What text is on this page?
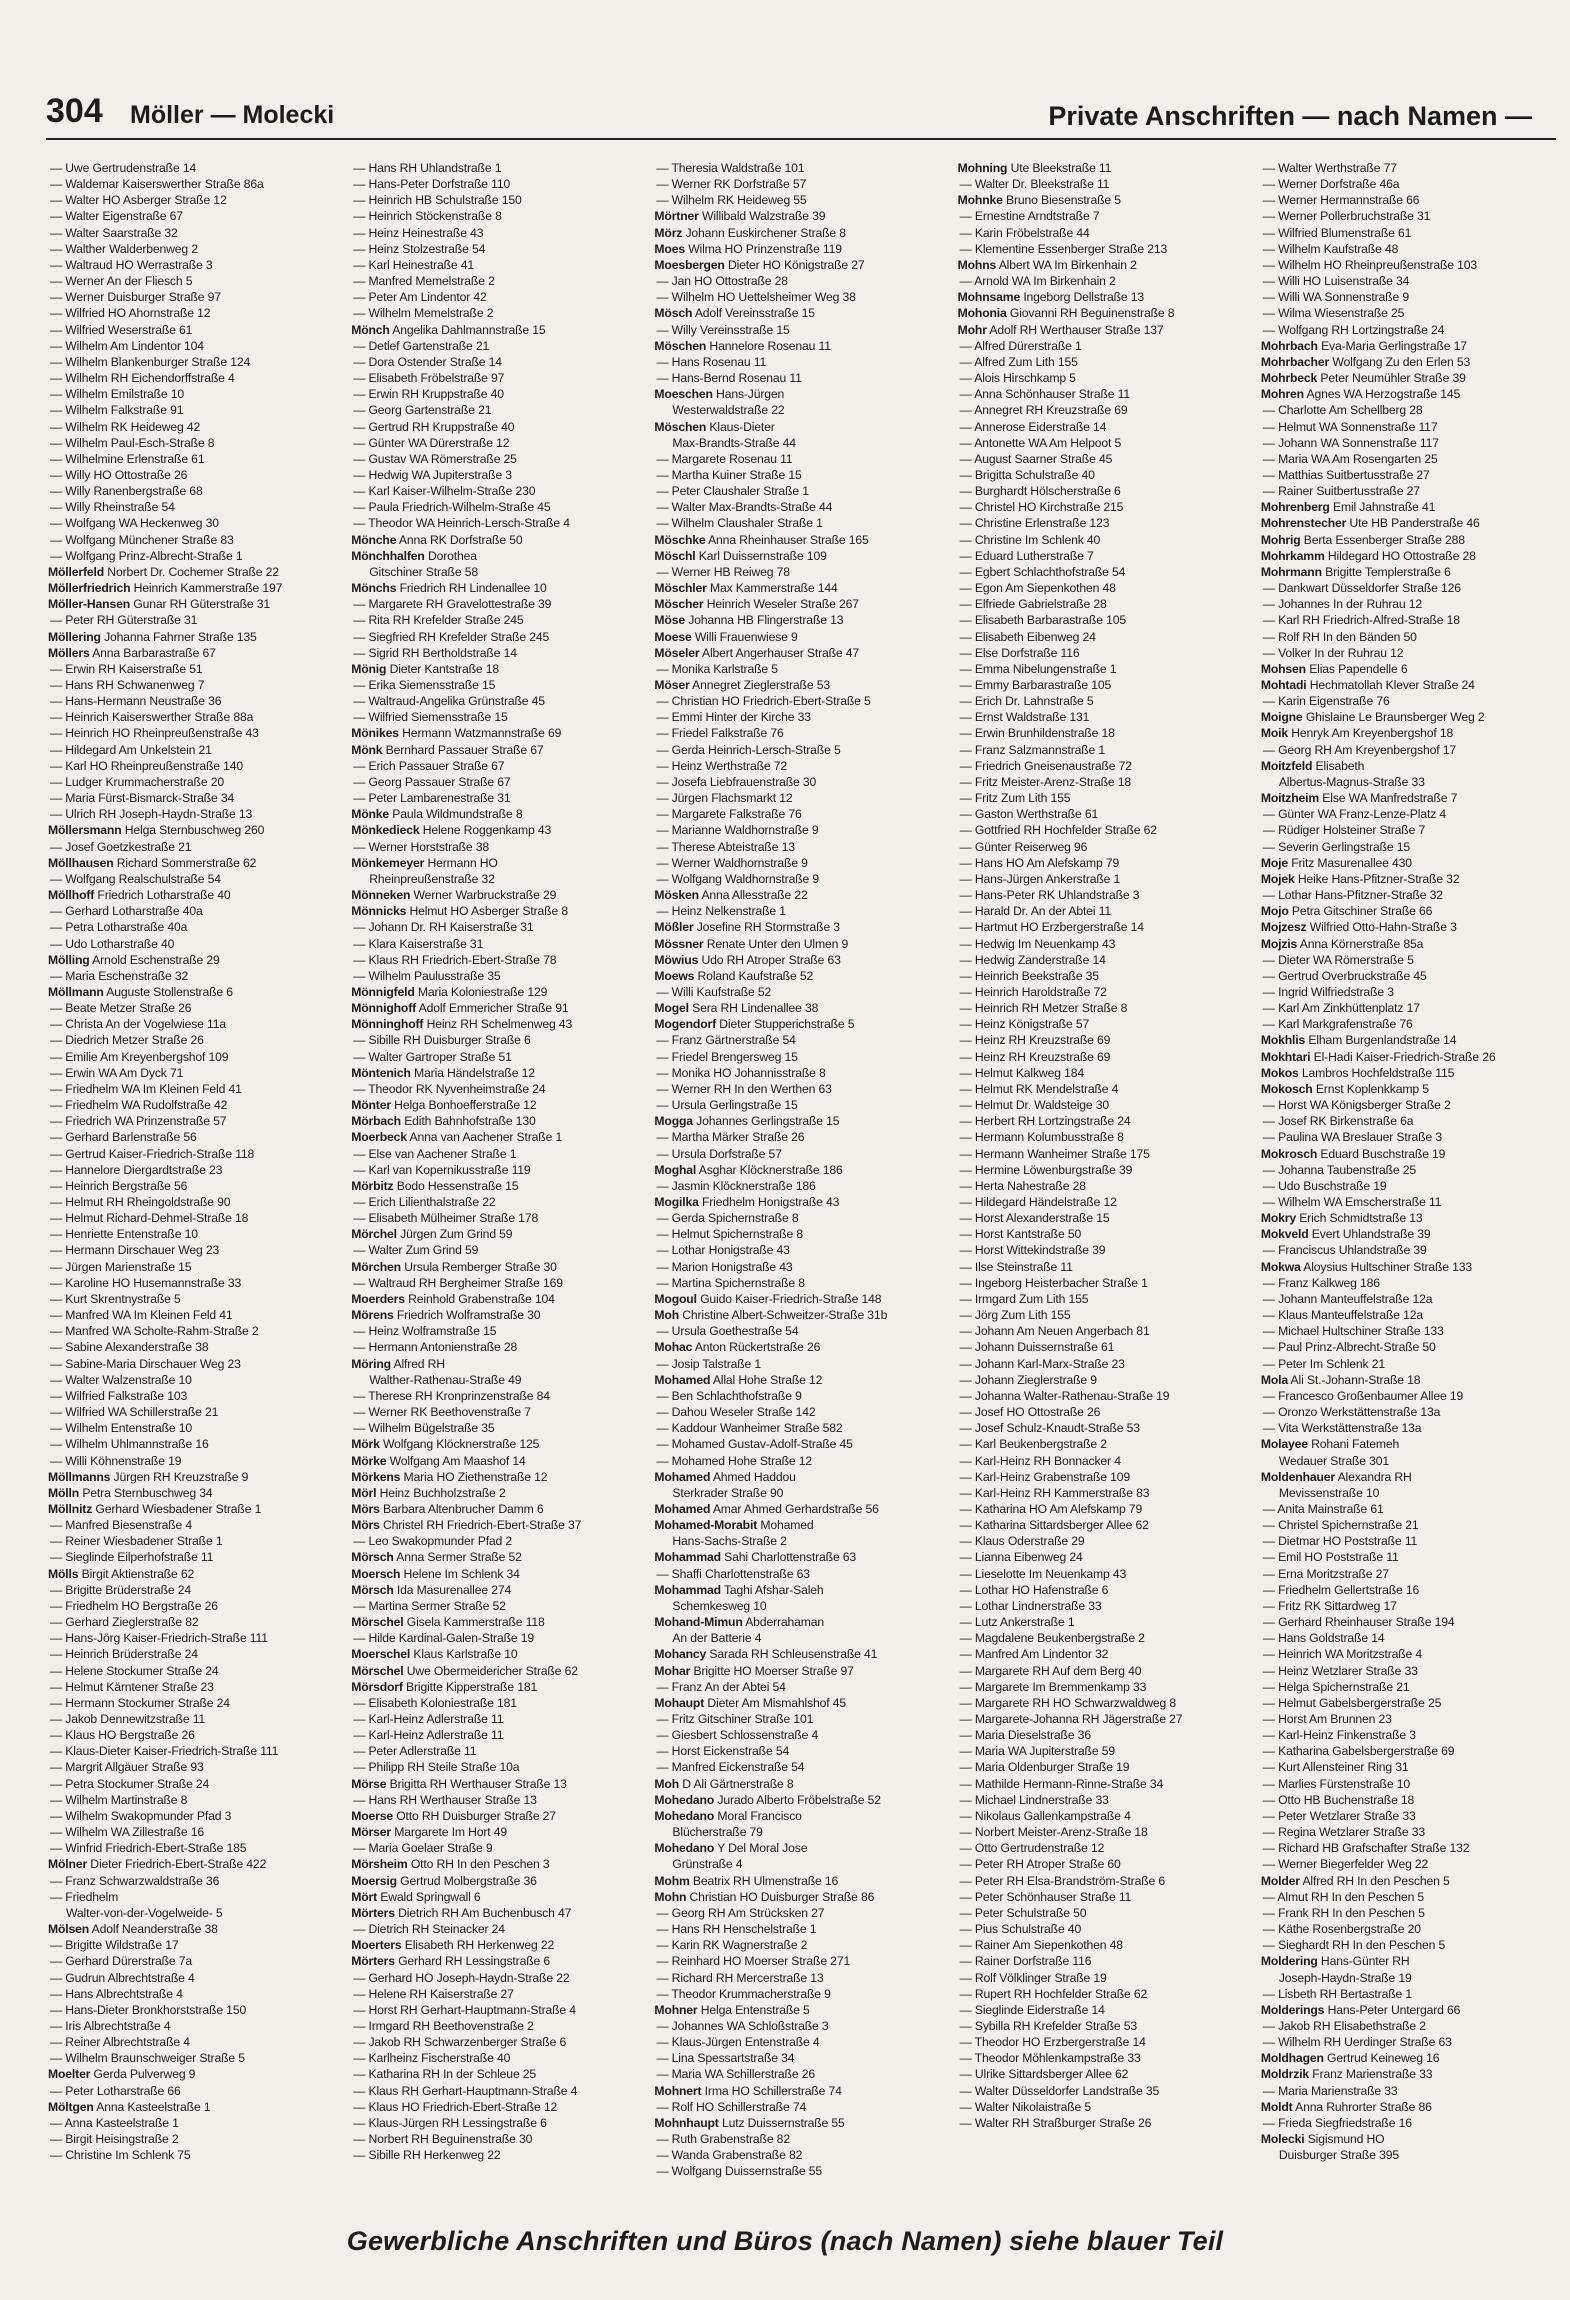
304 Möller — Molecki	Private Anschriften — nach Namen —
— Uwe Gertrudenstraße 14
— Waldemar Kaiserswerther Straße 86a
— Walter HO Asberger Straße 12
— Walter Eigenstraße 67
— Walter Saarstraße 32
— Walther Walderbenweg 2
— Waltraud HO Werrastraße 3
— Werner An der Fliesch 5
— Werner Duisburger Straße 97
— Wilfried HO Ahornstraße 12
— Wilfried Weserstraße 61
— Wilhelm Am Lindentor 104
— Wilhelm Blankenburger Straße 124
— Wilhelm RH Eichendorffstraße 4
— Wilhelm Emilstraße 10
— Wilhelm Falkstraße 91
— Wilhelm RK Heideweg 42
— Wilhelm Paul-Esch-Straße 8
— Wilhelmine Erlenstraße 61
— Willy HO Ottostraße 26
— Willy Ranenbergstraße 68
— Willy Rheinstraße 54
— Wolfgang WA Heckenweg 30
— Wolfgang Münchener Straße 83
— Wolfgang Prinz-Albrecht-Straße 1
Möllerfeld Norbert Dr. Cochemer Straße 22
Möllerfriedrich Heinrich Kammerstraße 197
Möller-Hansen Gunar RH Güterstraße 31
— Peter RH Güterstraße 31
Möllering Johanna Fahrner Straße 135
Möllers Anna Barbarastraße 67
— Erwin RH Kaiserstraße 51
— Hans RH Schwanenweg 7
— Hans-Hermann Neustraße 36
— Heinrich Kaiserswerther Straße 88a
— Heinrich HO Rheinpreußenstraße 43
— Hildegard Am Unkelstein 21
— Karl HO Rheinpreußenstraße 140
— Ludger Krummacherstraße 20
— Maria Fürst-Bismarck-Straße 34
— Ulrich RH Joseph-Haydn-Straße 13
Möllersmann Helga Sternbuschweg 260
— Josef Goetzkestraße 21
Möllhausen Richard Sommerstraße 62
— Wolfgang Realschulstraße 54
Möllhoff Friedrich Lotharstraße 40
— Gerhard Lotharstraße 40a
— Petra Lotharstraße 40a
— Udo Lotharstraße 40
Mölling Arnold Eschenstraße 29
— Maria Eschenstraße 32
Möllmann Auguste Stollenstraße 6
— Beate Metzer Straße 26
— Christa An der Vogelwiese 11a
— Diedrich Metzer Straße 26
— Emilie Am Kreyenbergshof 109
— Erwin WA Am Dyck 71
— Friedhelm WA Im Kleinen Feld 41
— Friedhelm WA Rudolfstraße 42
— Friedrich WA Prinzenstraße 57
— Gerhard Barlenstraße 56
— Gertrud Kaiser-Friedrich-Straße 118
— Hannelore Diergardtstraße 23
— Heinrich Bergstraße 56
— Helmut RH Rheingoldstraße 90
— Helmut Richard-Dehmel-Straße 18
— Henriette Entenstraße 10
— Hermann Dirschauer Weg 23
— Jürgen Marienstraße 15
— Karoline HO Husemannstraße 33
— Kurt Skrentnystraße 5
— Manfred WA Im Kleinen Feld 41
— Manfred WA Scholte-Rahm-Straße 2
— Sabine Alexanderstraße 38
— Sabine-Maria Dirschauer Weg 23
— Walter Walzenstraße 10
— Wilfried Falkstraße 103
— Wilfried WA Schillerstraße 21
— Wilhelm Entenstraße 10
— Wilhelm Uhlmannstraße 16
— Willi Köhnenstraße 19
Möllmanns Jürgen RH Kreuzstraße 9
Mölln Petra Sternbuschweg 34
Möllnitz Gerhard Wiesbadener Straße 1
— Manfred Biesenstraße 4
— Reiner Wiesbadener Straße 1
— Sieglinde Eilperhofstraße 11
Mölls Birgit Aktienstraße 62
— Brigitte Brüderstraße 24
— Friedhelm HO Bergstraße 26
— Gerhard Zieglerstraße 82
— Hans-Jörg Kaiser-Friedrich-Straße 111
— Heinrich Brüderstraße 24
— Helene Stockumer Straße 24
— Helmut Kärntener Straße 23
— Hermann Stockumer Straße 24
— Jakob Dennewitzstraße 11
— Klaus HO Bergstraße 26
— Klaus-Dieter Kaiser-Friedrich-Straße 111
— Margrit Allgäuer Straße 93
— Petra Stockumer Straße 24
— Wilhelm Martinstraße 8
— Wilhelm Swakopmunder Pfad 3
— Wilhelm WA Zillestraße 16
— Winfrid Friedrich-Ebert-Straße 185
Mölner Dieter Friedrich-Ebert-Straße 422
— Franz Schwarzwaldstraße 36
— Friedhelm
Walter-von-der-Vogelweide- 5
Mölsen Adolf Neanderstraße 38
— Brigitte Wildstraße 17
— Gerhard Dürerstraße 7a
— Gudrun Albrechtstraße 4
— Hans Albrechtstraße 4
— Hans-Dieter Bronkhorststraße 150
— Iris Albrechtstraße 4
— Reiner Albrechtstraße 4
— Wilhelm Braunschweiger Straße 5
Moelter Gerda Pulverweg 9
— Peter Lotharstraße 66
Möltgen Anna Kasteelstraße 1
— Anna Kasteelstraße 1
— Birgit Heisingstraße 2
— Christine Im Schlenk 75
— Hans RH Uhlandstraße 1
— Hans-Peter Dorfstraße 110
— Heinrich HB Schulstraße 150
— Heinrich Stöckenstraße 8
— Heinz Heinestraße 43
— Heinz Stolzestraße 54
— Karl Heinestraße 41
— Manfred Memelstraße 2
— Peter Am Lindentor 42
— Wilhelm Memelstraße 2
Mönch Angelika Dahlmannstraße 15
— Detlef Gartenstraße 21
— Dora Ostender Straße 14
— Elisabeth Fröbelstraße 97
— Erwin RH Kruppstraße 40
— Georg Gartenstraße 21
— Gertrud RH Kruppstraße 40
— Günter WA Dürerstraße 12
— Gustav WA Römerstraße 25
— Hedwig WA Jupiterstraße 3
— Karl Kaiser-Wilhelm-Straße 230
— Paula Friedrich-Wilhelm-Straße 45
— Theodor WA Heinrich-Lersch-Straße 4
Mönche Anna RK Dorfstraße 50
Mönchhalfen Dorothea
Gitschiner Straße 58
Mönchs Friedrich RH Lindenallee 10
— Margarete RH Gravelottestraße 39
— Rita RH Krefelder Straße 245
— Siegfried RH Krefelder Straße 245
— Sigrid RH Bertholdstraße 14
Mönig Dieter Kantstraße 18
— Erika Siemensstraße 15
— Waltraud-Angelika Grünstraße 45
— Wilfried Siemensstraße 15
Mönikes Hermann Watzmannstraße 69
Mönk Bernhard Passauer Straße 67
— Erich Passauer Straße 67
— Georg Passauer Straße 67
— Peter Lambarenestraße 31
Mönke Paula Wildmundstraße 8
Mönkedieck Helene Roggenkamp 43
— Werner Horststraße 38
Mönkemeyer Hermann HO
Rheinpreußenstraße 32
Mönneken Werner Warbruckstraße 29
Mönnicks Helmut HO Asberger Straße 8
— Johann Dr. RH Kaiserstraße 31
— Klara Kaiserstraße 31
— Klaus RH Friedrich-Ebert-Straße 78
— Wilhelm Paulusstraße 35
Mönnigfeld Maria Koloniestraße 129
Mönnighoff Adolf Emmericher Straße 91
Mönninghoff Heinz RH Schelmenweg 43
— Sibille RH Duisburger Straße 6
— Walter Gartroper Straße 51
Möntenich Maria Händelstraße 12
— Theodor RK Nyvenheimstraße 24
Mönter Helga Bonhoefferstraße 12
Mörbach Edith Bahnhofstraße 130
Moerbeck Anna van Aachener Straße 1
— Else van Aachener Straße 1
— Karl van Kopernikusstraße 119
Mörbitz Bodo Hessenstraße 15
— Erich Lilienthalstraße 22
— Elisabeth Mülheimer Straße 178
Mörchel Jürgen Zum Grind 59
— Walter Zum Grind 59
Mörchen Ursula Remberger Straße 30
— Waltraud RH Bergheimer Straße 169
Moerders Reinhold Grabenstraße 104
Mörens Friedrich Wolframstraße 30
— Heinz Wolframstraße 15
— Hermann Antonienstraße 28
Möring Alfred RH
Walther-Rathenau-Straße 49
— Therese RH Kronprinzenstraße 84
— Werner RK Beethovenstraße 7
— Wilhelm Bügelstraße 35
Mörk Wolfgang Klöcknerstraße 125
Mörke Wolfgang Am Maashof 14
Mörkens Maria HO Ziethenstraße 12
Mörl Heinz Buchholzstraße 2
Mörs Barbara Altenbrucher Damm 6
Mörs Christel RH Friedrich-Ebert-Straße 37
— Leo Swakopmunder Pfad 2
Mörsch Anna Sermer Straße 52
Moersch Helene Im Schlenk 34
Mörsch Ida Masurenallee 274
— Martina Sermer Straße 52
Mörschel Gisela Kammerstraße 118
— Hilde Kardinal-Galen-Straße 19
Moerschel Klaus Karlstraße 10
Mörschel Uwe Obermeidericher Straße 62
Mörsdorf Brigitte Kipperstraße 181
— Elisabeth Koloniestraße 181
— Karl-Heinz Adlerstraße 11
— Karl-Heinz Adlerstraße 11
— Peter Adlerstraße 11
— Philipp RH Steile Straße 10a
Mörse Brigitta RH Werthauser Straße 13
— Hans RH Werthauser Straße 13
Moerse Otto RH Duisburger Straße 27
Mörser Margarete Im Hort 49
— Maria Goelaer Straße 9
Mörsheim Otto RH In den Peschen 3
Moersig Gertrud Molbergstraße 36
Mört Ewald Springwall 6
Mörters Dietrich RH Am Buchenbusch 47
— Dietrich RH Steinacker 24
Moerters Elisabeth RH Herkenweg 22
Mörters Gerhard RH Lessingstraße 6
— Gerhard HO Joseph-Haydn-Straße 22
— Helene RH Kaiserstraße 27
— Horst RH Gerhart-Hauptmann-Straße 4
— Irmgard RH Beethovenstraße 2
— Jakob RH Schwarzenberger Straße 6
— Karlheinz Fischerstraße 40
— Katharina RH In der Schleue 25
— Klaus RH Gerhart-Hauptmann-Straße 4
— Klaus HO Friedrich-Ebert-Straße 12
— Klaus-Jürgen RH Lessingstraße 6
— Norbert RH Beguinenstraße 30
— Sibille RH Herkenweg 22
— Theresia Waldstraße 101
— Werner RK Dorfstraße 57
— Wilhelm RK Heideweg 55
Mörtner Willibald Walzstraße 39
Mörz Johann Euskirchener Straße 8
Moes Wilma HO Prinzenstraße 119
Moesbergen Dieter HO Königstraße 27
— Jan HO Ottostraße 28
— Wilhelm HO Uettelsheimer Weg 38
Mösch Adolf Vereinsstraße 15
— Willy Vereinsstraße 15
Möschen Hannelore Rosenau 11
— Hans Rosenau 11
— Hans-Bernd Rosenau 11
Moeschen Hans-Jürgen
Westerwaldstraße 22
Möschen Klaus-Dieter
Max-Brandts-Straße 44
— Margarete Rosenau 11
— Martha Kuiner Straße 15
— Peter Claushaler Straße 1
— Walter Max-Brandts-Straße 44
— Wilhelm Claushaler Straße 1
Möschke Anna Rheinhauser Straße 165
Möschl Karl Duissernstraße 109
— Werner HB Reiweg 78
Möschler Max Kammerstraße 144
Möscher Heinrich Weseler Straße 267
Möse Johanna HB Flingerstraße 13
Moese Willi Frauenwiese 9
Möseler Albert Angerhauser Straße 47
— Monika Karlstraße 5
Möser Annegret Zieglerstraße 53
— Christian HO Friedrich-Ebert-Straße 5
— Emmi Hinter der Kirche 33
— Friedel Falkstraße 76
— Gerda Heinrich-Lersch-Straße 5
— Heinz Werthstraße 72
— Josefa Liebfrauenstraße 30
— Jürgen Flachsmarkt 12
— Margarete Falkstraße 76
— Marianne Waldhornstraße 9
— Therese Abteistraße 13
— Werner Waldhornstraße 9
— Wolfgang Waldhornstraße 9
Mösken Anna Allesstraße 22
— Heinz Nelkenstraße 1
Mößler Josefine RH Stormstraße 3
Mössner Renate Unter den Ulmen 9
Möwius Udo RH Atroper Straße 63
Moews Roland Kaufstraße 52
— Willi Kaufstraße 52
Mogel Sera RH Lindenallee 38
Mogendorf Dieter Stupperichstraße 5
— Franz Gärtnerstraße 54
— Friedel Brengersweg 15
— Monika HO Johannisstraße 8
— Werner RH In den Werthen 63
— Ursula Gerlingstraße 15
Mogga Johannes Gerlingstraße 15
— Martha Märker Straße 26
— Ursula Dorfstraße 57
Moghal Asghar Klöcknerstraße 186
— Jasmin Klöcknerstraße 186
Mogilka Friedhelm Honigstraße 43
— Gerda Spichernstraße 8
— Helmut Spichernstraße 8
— Lothar Honigstraße 43
— Marion Honigstraße 43
— Martina Spichernstraße 8
Mogoul Guido Kaiser-Friedrich-Straße 148
Moh Christine Albert-Schweitzer-Straße 31b
— Ursula Goethestraße 54
Mohac Anton Rückertstraße 26
— Josip Talstraße 1
Mohamed Allal Hohe Straße 12
— Ben Schlachthofstraße 9
— Dahou Weseler Straße 142
— Kaddour Wanheimer Straße 582
— Mohamed Gustav-Adolf-Straße 45
— Mohamed Hohe Straße 12
Mohamed Ahmed Haddou
Sterkrader Straße 90
Mohamed Amar Ahmed Gerhardstraße 56
Mohamed-Morabit Mohamed
Hans-Sachs-Straße 2
Mohammad Sahi Charlottenstraße 63
— Shaffi Charlottenstraße 63
Mohammad Taghi Afshar-Saleh
Schemkesweg 10
Mohand-Mimun Abderrahaman
An der Batterie 4
Mohancy Sarada RH Schleusenstraße 41
Mohar Brigitte HO Moerser Straße 97
— Franz An der Abtei 54
Mohaupt Dieter Am Mismahlshof 45
— Fritz Gitschiner Straße 101
— Giesbert Schlossenstraße 4
— Horst Eickenstraße 54
— Manfred Eickenstraße 54
Moh D Ali Gärtnerstraße 8
Mohedano Jurado Alberto Fröbelstraße 52
Mohedano Moral Francisco
Blücherstraße 79
Mohedano Y Del Moral Jose
Grünstraße 4
Mohm Beatrix RH Ulmenstraße 16
Mohn Christian HO Duisburger Straße 86
— Georg RH Am Strücksken 27
— Hans RH Henschelstraße 1
— Karin RK Wagnerstraße 2
— Reinhard HO Moerser Straße 271
— Richard RH Mercerstraße 13
— Theodor Krummacherstraße 9
Mohner Helga Entenstraße 5
— Johannes WA Schloßstraße 3
— Klaus-Jürgen Entenstraße 4
— Lina Spessartstraße 34
— Maria WA Schillerstraße 26
Mohnert Irma HO Schillerstraße 74
— Rolf HO Schillerstraße 74
Mohnhaupt Lutz Duissernstraße 55
— Ruth Grabenstraße 82
— Wanda Grabenstraße 82
— Wolfgang Duissernstraße 55
Mohning Ute Bleekstraße 11
— Walter Dr. Bleekstraße 11
Mohnke Bruno Biesenstraße 5
— Ernestine Arndtstraße 7
— Karin Fröbelstraße 44
— Klementine Essenberger Straße 213
Mohns Albert WA Im Birkenhain 2
— Arnold WA Im Birkenhain 2
Mohnsame Ingeborg Dellstraße 13
Mohonia Giovanni RH Beguinenstraße 8
Mohr Adolf RH Werthauser Straße 137
— Alfred Dürerstraße 1
— Alfred Zum Lith 155
— Alois Hirschkamp 5
— Anna Schönhauser Straße 11
— Annegret RH Kreuzstraße 69
— Annerose Eiderstraße 14
— Antonette WA Am Helpoot 5
— August Saarner Straße 45
— Brigitta Schulstraße 40
— Burghardt Hölscherstraße 6
— Christel HO Kirchstraße 215
— Christine Erlenstraße 123
— Christine Im Schlenk 40
— Eduard Lutherstraße 7
— Egbert Schlachthofstraße 54
— Egon Am Siepenkothen 48
— Elfriede Gabrielstraße 28
— Elisabeth Barbarastraße 105
— Elisabeth Eibenweg 24
— Else Dorfstraße 116
— Emma Nibelungenstraße 1
— Emmy Barbarastraße 105
— Erich Dr. Lahnstraße 5
— Ernst Waldstraße 131
— Erwin Brunhildenstraße 18
— Franz Salzmannstraße 1
— Friedrich Gneisenaustraße 72
— Fritz Meister-Arenz-Straße 18
— Fritz Zum Lith 155
— Gaston Werthstraße 61
— Gottfried RH Hochfelder Straße 62
— Günter Reiserweg 96
— Hans HO Am Alefskamp 79
— Hans-Jürgen Ankerstraße 1
— Hans-Peter RK Uhlandstraße 3
— Harald Dr. An der Abtei 11
— Hartmut HO Erzbergerstraße 14
— Hedwig Im Neuenkamp 43
— Hedwig Zanderstraße 14
— Heinrich Beekstraße 35
— Heinrich Haroldstraße 72
— Heinrich RH Metzer Straße 8
— Heinz Königstraße 57
— Heinz RH Kreuzstraße 69
— Heinz RH Kreuzstraße 69
— Helmut Kalkweg 184
— Helmut RK Mendelstraße 4
— Helmut Dr. Waldsteige 30
— Herbert RH Lortzingstraße 24
— Hermann Kolumbusstraße 8
— Hermann Wanheimer Straße 175
— Hermine Löwenburgstraße 39
— Herta Nahestraße 28
— Hildegard Händelstraße 12
— Horst Alexanderstraße 15
— Horst Kantstraße 50
— Horst Wittekindstraße 39
— Ilse Steinstraße 11
— Ingeborg Heisterbacher Straße 1
— Irmgard Zum Lith 155
— Jörg Zum Lith 155
— Johann Am Neuen Angerbach 81
— Johann Duissernstraße 61
— Johann Karl-Marx-Straße 23
— Johann Zieglerstraße 9
— Johanna Walter-Rathenau-Straße 19
— Josef HO Ottostraße 26
— Josef Schulz-Knaudt-Straße 53
— Karl Beukenbergstraße 2
— Karl-Heinz RH Bonnacker 4
— Karl-Heinz Grabenstraße 109
— Karl-Heinz RH Kammerstraße 83
— Katharina HO Am Alefskamp 79
— Katharina Sittardsberger Allee 62
— Klaus Oderstraße 29
— Lianna Eibenweg 24
— Lieselotte Im Neuenkamp 43
— Lothar HO Hafenstraße 6
— Lothar Lindnerstraße 33
— Lutz Ankerstraße 1
— Magdalene Beukenbergstraße 2
— Manfred Am Lindentor 32
— Margarete RH Auf dem Berg 40
— Margarete Im Bremmenkamp 33
— Margarete RH HO Schwarzwaldweg 8
— Margarete-Johanna RH Jägerstraße 27
— Maria Dieselstraße 36
— Maria WA Jupiterstraße 59
— Maria Oldenburger Straße 19
— Mathilde Hermann-Rinne-Straße 34
— Michael Lindnerstraße 33
— Nikolaus Gallenkampstraße 4
— Norbert Meister-Arenz-Straße 18
— Otto Gertrudenstraße 12
— Peter RH Atroper Straße 60
— Peter RH Elsa-Brandström-Straße 6
— Peter Schönhauser Straße 11
— Peter Schulstraße 50
— Pius Schulstraße 40
— Rainer Am Siepenkothen 48
— Rainer Dorfstraße 116
— Rolf Völklinger Straße 19
— Rupert RH Hochfelder Straße 62
— Sieglinde Eiderstraße 14
— Sybilla RH Krefelder Straße 53
— Theodor HO Erzbergerstraße 14
— Theodor Möhlenkampstraße 33
— Ulrike Sittardsberger Allee 62
— Walter Düsseldorfer Landstraße 35
— Walter Nikolaistraße 5
— Walter RH Straßburger Straße 26
— Walter Werthstraße 77
— Werner Dorfstraße 46a
— Werner Hermannstraße 66
— Werner Pollerbruchstraße 31
— Wilfried Blumenstraße 61
— Wilhelm Kaufstraße 48
— Wilhelm HO Rheinpreußenstraße 103
— Willi HO Luisenstraße 34
— Willi WA Sonnenstraße 9
— Wilma Wiesenstraße 25
— Wolfgang RH Lortzingstraße 24
Mohrbach Eva-Maria Gerlingstraße 17
Mohrbacher Wolfgang Zu den Erlen 53
Mohrbeck Peter Neumühler Straße 39
Mohren Agnes WA Herzogstraße 145
— Charlotte Am Schellberg 28
— Helmut WA Sonnenstraße 117
— Johann WA Sonnenstraße 117
— Maria WA Am Rosengarten 25
— Matthias Suitbertusstraße 27
— Rainer Suitbertusstraße 27
Mohrenberg Emil Jahnstraße 41
Mohrenstecher Ute HB Panderstraße 46
Mohrig Berta Essenberger Straße 288
Mohrkamm Hildegard HO Ottostraße 28
Mohrmann Brigitte Templerstraße 6
— Dankwart Düsseldorfer Straße 126
— Johannes In der Ruhrau 12
— Karl RH Friedrich-Alfred-Straße 18
— Rolf RH In den Bänden 50
— Volker In der Ruhrau 12
Mohsen Elias Papendelle 6
Mohtadi Hechmatollah Klever Straße 24
— Karin Eigenstraße 76
Moigne Ghislaine Le Braunsberger Weg 2
Moik Henryk Am Kreyenbergshof 18
— Georg RH Am Kreyenbergshof 17
Moitzfeld Elisabeth
Albertus-Magnus-Straße 33
Moitzheim Else WA Manfredstraße 7
— Günter WA Franz-Lenze-Platz 4
— Rüdiger Holsteiner Straße 7
— Severin Gerlingstraße 15
Moje Fritz Masurenallee 430
Mojek Heike Hans-Pfitzner-Straße 32
— Lothar Hans-Pfitzner-Straße 32
Mojo Petra Gitschiner Straße 66
Mojzesz Wilfried Otto-Hahn-Straße 3
Mojzis Anna Körnerstraße 85a
— Dieter WA Römerstraße 5
— Gertrud Overbruckstraße 45
— Ingrid Wilfriedstraße 3
— Karl Am Zinkhüttenplatz 17
— Karl Markgrafenstraße 76
Mokhlis Elham Burgenlandstraße 14
Mokhtari El-Hadi Kaiser-Friedrich-Straße 26
Mokos Lambros Hochfeldstraße 115
Mokosch Ernst Koplenkkamp 5
— Horst WA Königsberger Straße 2
— Josef RK Birkenstraße 6a
— Paulina WA Breslauer Straße 3
Mokrosch Eduard Buschstraße 19
— Johanna Taubenstraße 25
— Udo Buschstraße 19
— Wilhelm WA Emscherstraße 11
Mokry Erich Schmidtstraße 13
Mokveld Evert Uhlandstraße 39
— Franciscus Uhlandstraße 39
Mokwa Aloysius Hultschiner Straße 133
— Franz Kalkweg 186
— Johann Manteuffelstraße 12a
— Klaus Manteuffelstraße 12a
— Michael Hultschiner Straße 133
— Paul Prinz-Albrecht-Straße 50
— Peter Im Schlenk 21
Mola Ali St.-Johann-Straße 18
— Francesco Großenbaumer Allee 19
— Oronzo Werkstättenstraße 13a
— Vita Werkstättenstraße 13a
Molayee Rohani Fatemeh
Wedauer Straße 301
Moldenhauer Alexandra RH
Mevissenstraße 10
— Anita Mainstraße 61
— Christel Spichernstraße 21
— Dietmar HO Poststraße 11
— Emil HO Poststraße 11
— Erna Moritzstraße 27
— Friedhelm Gellertstraße 16
— Fritz RK Sittardweg 17
— Gerhard Rheinhauser Straße 194
— Hans Goldstraße 14
— Heinrich WA Moritzstraße 4
— Heinz Wetzlarer Straße 33
— Helga Spichernstraße 21
— Helmut Gabelsbergerstraße 25
— Horst Am Brunnen 23
— Karl-Heinz Finkenstraße 3
— Katharina Gabelsbergerstraße 69
— Kurt Allensteiner Ring 31
— Marlies Fürstenstraße 10
— Otto HB Buchenstraße 18
— Peter Wetzlarer Straße 33
— Regina Wetzlarer Straße 33
— Richard HB Grafschafter Straße 132
— Werner Biegerfelder Weg 22
Molder Alfred RH In den Peschen 5
— Almut RH In den Peschen 5
— Frank RH In den Peschen 5
— Käthe Rosenbergstraße 20
— Sieghardt RH In den Peschen 5
Moldering Hans-Günter RH
Joseph-Haydn-Straße 19
— Lisbeth RH Bertastraße 1
Molderings Hans-Peter Untergard 66
— Jakob RH Elisabethstraße 2
— Wilhelm RH Uerdinger Straße 63
Moldhagen Gertrud Keineweg 16
Moldrzik Franz Marienstraße 33
— Maria Marienstraße 33
Moldt Anna Ruhrorter Straße 86
— Frieda Siegfriedstraße 16
Molecki Sigismund HO
Duisburger Straße 395
Gewerbliche Anschriften und Büros (nach Namen) siehe blauer Teil
